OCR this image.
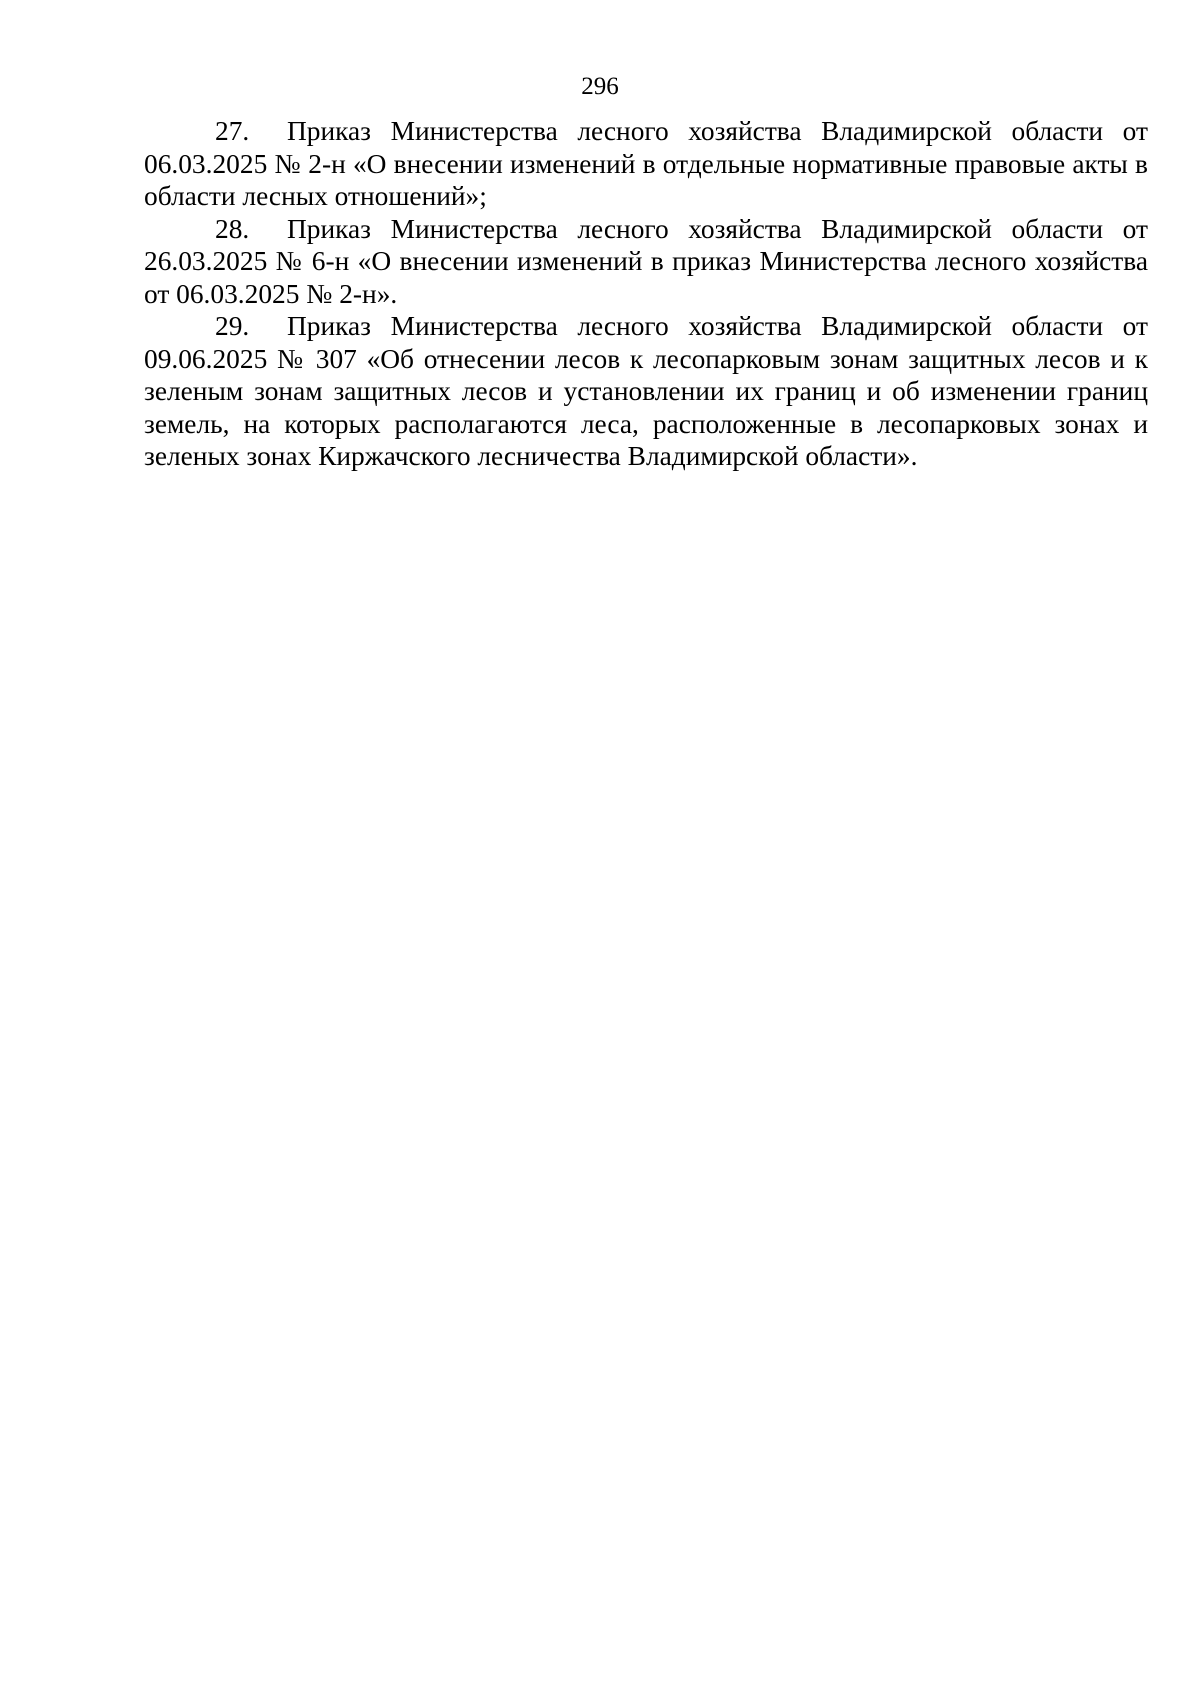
296

27. Приказ Министерства лесного хозяйства Владимирской области от 06.03.2025 № 2-н «О внесении изменений в отдельные нормативные правовые акты в области лесных отношений»;

28. Приказ Министерства лесного хозяйства Владимирской области от 26.03.2025 № 6-н «О внесении изменений в приказ Министерства лесного хозяйства от 06.03.2025 № 2-н».

29. Приказ Министерства лесного хозяйства Владимирской области от 09.06.2025 № 307 «Об отнесении лесов к лесопарковым зонам защитных лесов и к зеленым зонам защитных лесов и установлении их границ и об изменении границ земель, на которых располагаются леса, расположенные в лесопарковых зонах и зеленых зонах Киржачского лесничества Владимирской области».
